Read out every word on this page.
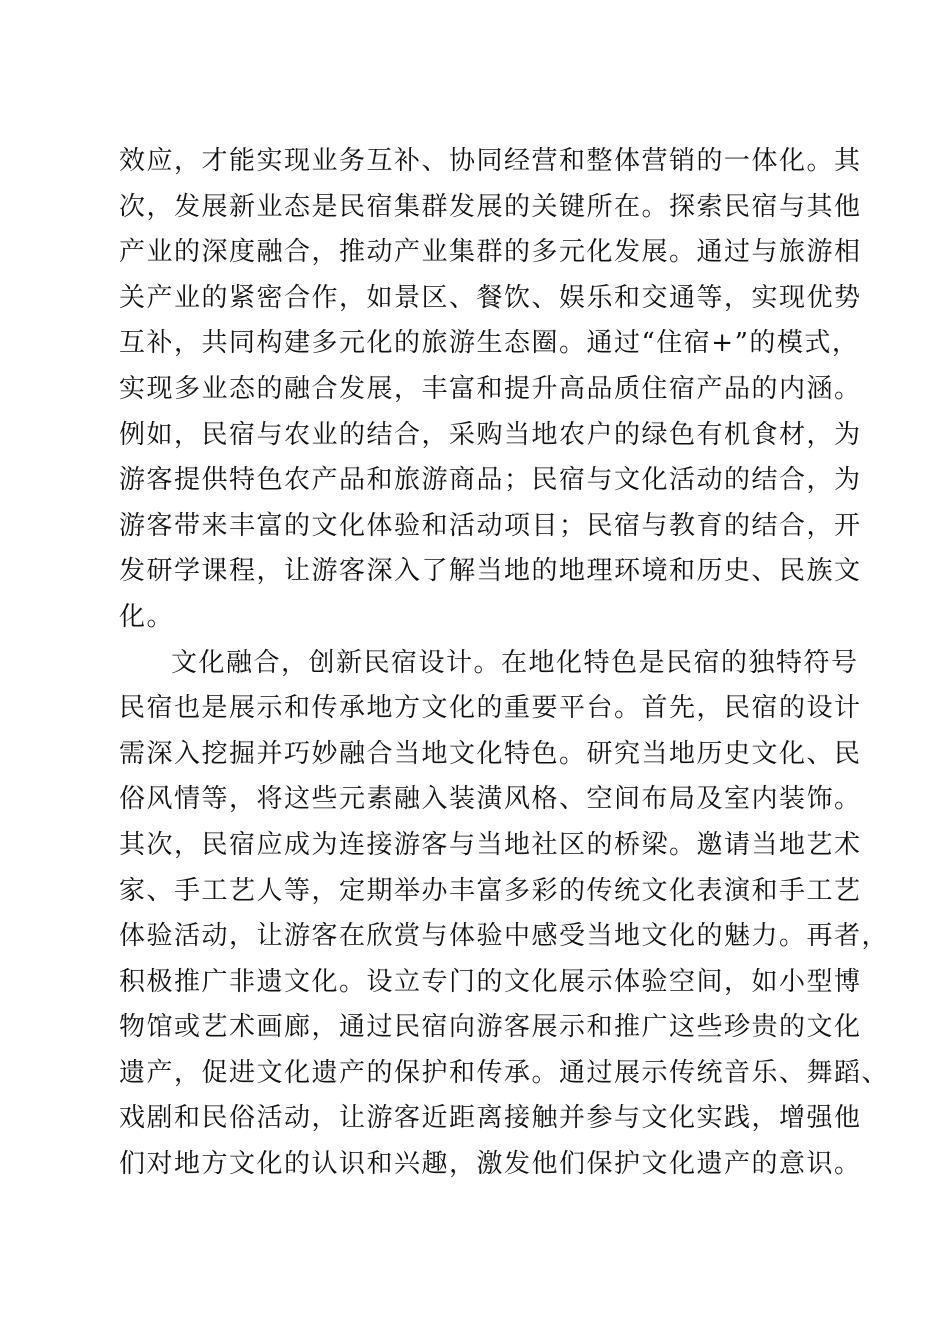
效应，才能实现业务互补、协同经营和整体营销的一体化。其
次，发展新业态是民宿集群发展的关键所在。探索民宿与其他
产业的深度融合，推动产业集群的多元化发展。通过与旅游相
关产业的紧密合作，如景区、餐饮、娱乐和交通等，实现优势
互补，共同构建多元化的旅游生态圈。通过“住宿+”的模式，
实现多业态的融合发展，丰富和提升高品质住宿产品的内涵。
例如，民宿与农业的结合，采购当地农户的绿色有机食材，为
游客提供特色农产品和旅游商品；民宿与文化活动的结合，为
游客带来丰富的文化体验和活动项目；民宿与教育的结合，开
发研学课程，让游客深入了解当地的地理环境和历史、民族文
化。
文化融合，创新民宿设计。在地化特色是民宿的独特符号
民宿也是展示和传承地方文化的重要平台。首先，民宿的设计
需深入挖掘并巧妙融合当地文化特色。研究当地历史文化、民
俗风情等，将这些元素融入装潢风格、空间布局及室内装饰。
其次，民宿应成为连接游客与当地社区的桥梁。邀请当地艺术
家、手工艺人等，定期举办丰富多彩的传统文化表演和手工艺
体验活动，让游客在欣赏与体验中感受当地文化的魅力。再者，
积极推广非遗文化。设立专门的文化展示体验空间，如小型博
物馆或艺术画廊，通过民宿向游客展示和推广这些珍贵的文化
遗产，促进文化遗产的保护和传承。通过展示传统音乐、舞蹈、
戏剧和民俗活动，让游客近距离接触并参与文化实践，增强他
们对地方文化的认识和兴趣，激发他们保护文化遗产的意识。
